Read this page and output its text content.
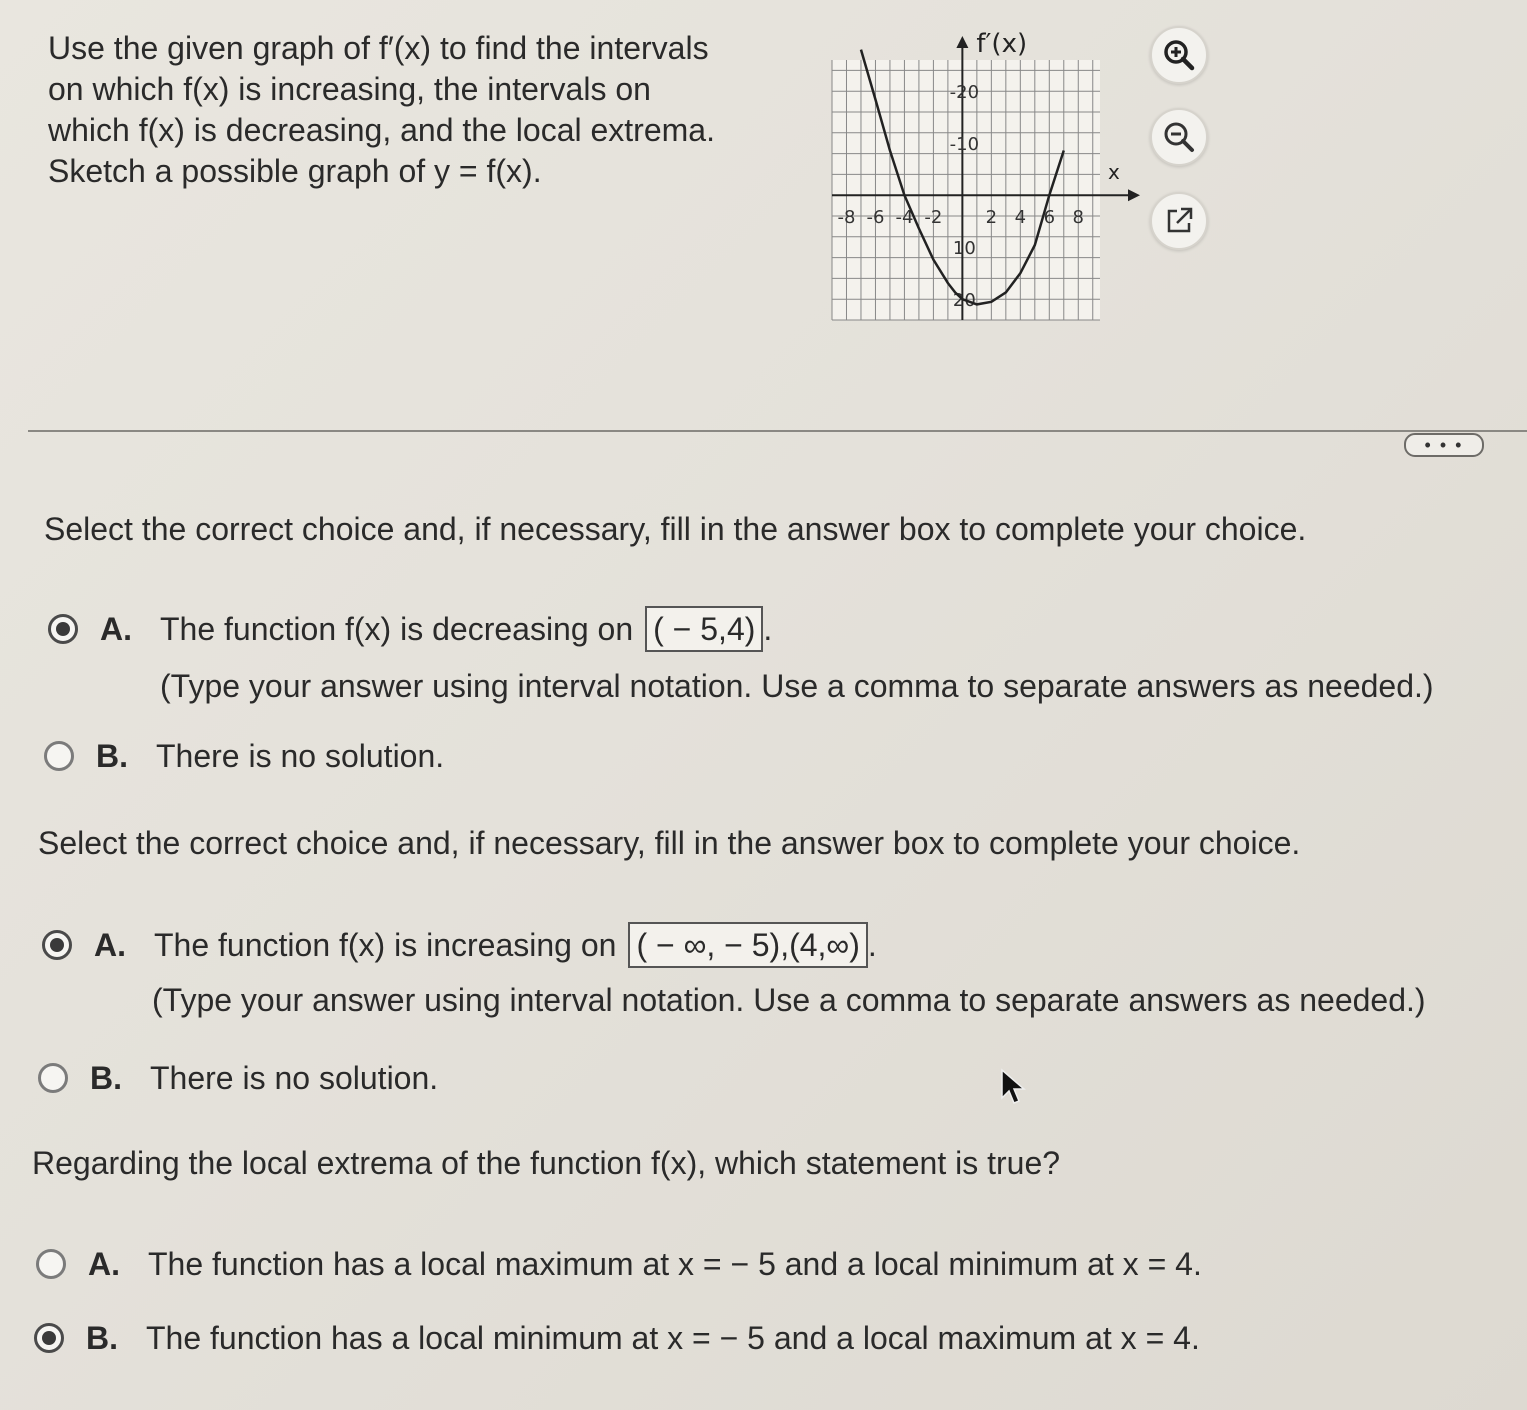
Use the given graph of f′(x) to find the intervals
on which f(x) is increasing, the intervals on
which f(x) is decreasing, and the local extrema.
Sketch a possible graph of y = f(x).
-8 -6 -4 -2 2 4 6 8
20
10
-10
-20
f′(x)
x
• • •

Select the correct choice and, if necessary, fill in the answer box to complete your choice.

A. The function f(x) is decreasing on ( − 5,4) .
(Type your answer using interval notation. Use a comma to separate answers as needed.)
B. There is no solution.

Select the correct choice and, if necessary, fill in the answer box to complete your choice.

A. The function f(x) is increasing on ( − ∞, − 5),(4,∞) .
(Type your answer using interval notation. Use a comma to separate answers as needed.)
B. There is no solution.

Regarding the local extrema of the function f(x), which statement is true?

A. The function has a local maximum at x = − 5 and a local minimum at x = 4.
B. The function has a local minimum at x = − 5 and a local maximum at x = 4.
